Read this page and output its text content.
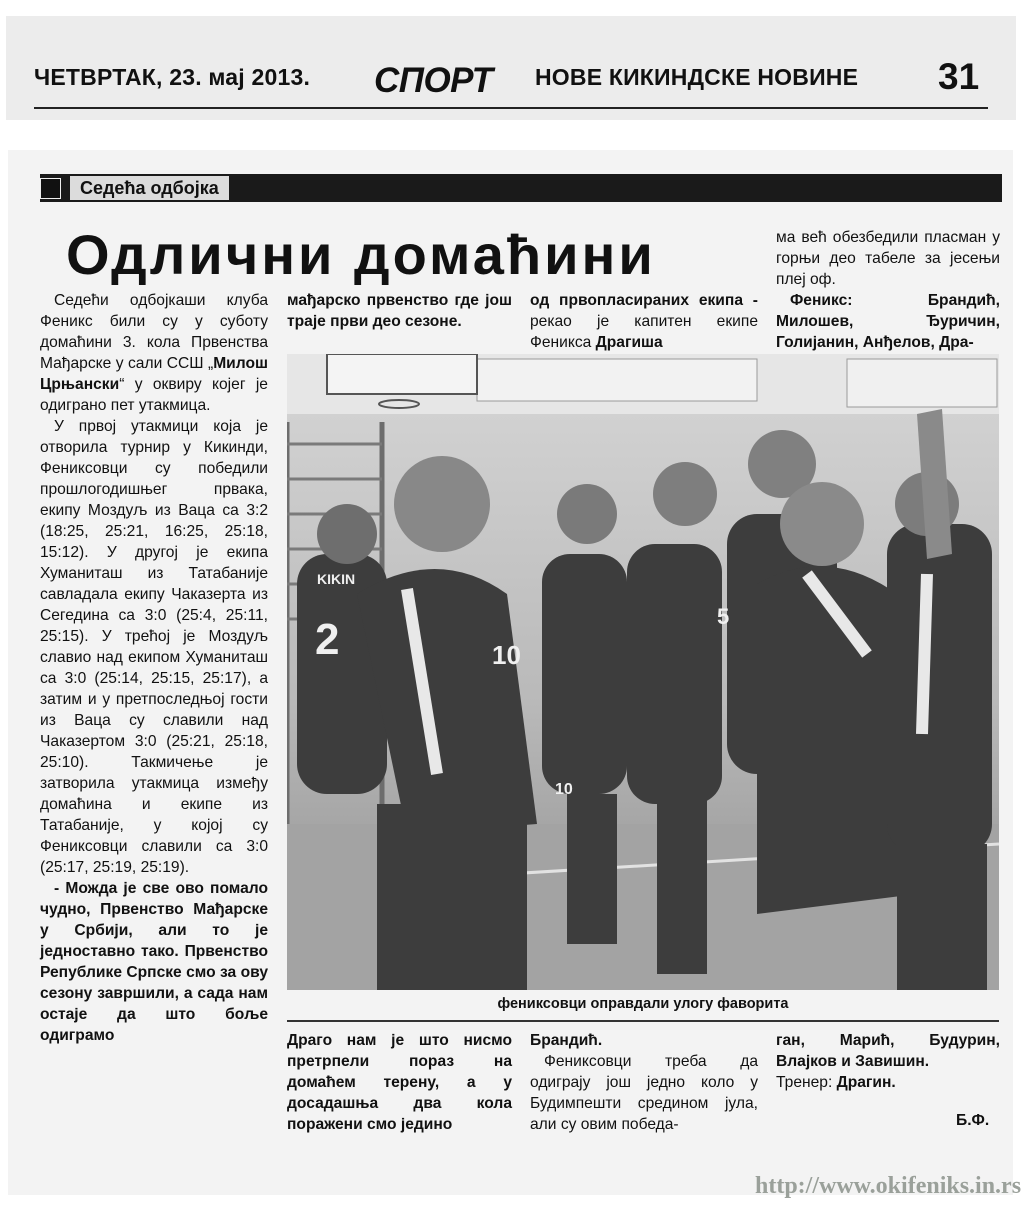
ЧЕТВРТАК, 23. мај 2013. СПОРТ НОВЕ КИКИНДСКЕ НОВИНЕ 31
Седећа одбојка
Одлични домаћини

Седећи одбојкаши клуба Феникс били су у суботу домаћини 3. кола Првенства Мађарске у сали ССШ „Милош Црњански“ у оквиру којег је одиграно пет утакмица.

У првој утакмици која је отворила турнир у Кикинди, Фениксовци су победили прошлогодишњег првака, екипу Моздуљ из Ваца са 3:2 (18:25, 25:21, 16:25, 25:18, 15:12). У другој је екипа Хуманиташ из Татабаније савладала екипу Чаказерта из Сегедина са 3:0 (25:4, 25:11, 25:15). У трећој је Моздуљ славио над екипом Хуманиташ са 3:0 (25:14, 25:15, 25:17), а затим и у претпоследњој гости из Ваца су славили над Чаказертом 3:0 (25:21, 25:18, 25:10). Такмичење је затворила утакмица између домаћина и екипе из Татабаније, у којој су Фениксовци славили са 3:0 (25:17, 25:19, 25:19).

- Можда је све ово помало чудно, Првенство Мађарске у Србији, али то је једноставно тако. Првенство Републике Српске смо за ову сезону завршили, а сада нам остаје да што боље одиграмо

мађарско првенство где још траје први део сезоне.
од првопласираних екипа - рекао је капитен екипе Феникса Драгиша

ма већ обезбедили пласман у горњи део табеле за јесењи плеј оф.

Феникс: Брандић, Милошев, Ђуричин, Голијанин, Анђелов, Дра-

2	10
5
10
KIKIN
фениксовци оправдали улогу фаворита
Драго нам је што нисмо претрпели пораз на домаћем терену, а у досадашња два кола поражени смо једино

Брандић.

Фениксовци треба да одиграју још једно коло у Будимпешти средином јула, али су овим победа-

ган, Марић, Будурин, Влајков и Завишин.

Тренер: Драгин.

Б.Ф.
http://www.okifeniks.in.rs
